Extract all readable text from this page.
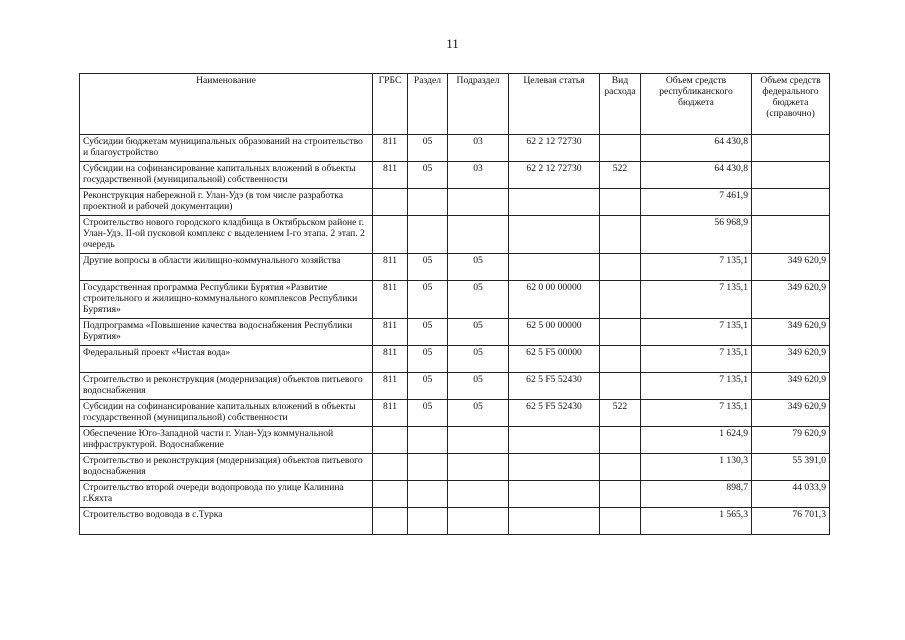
11
Наименование	ГРБС	Раздел	Подраздел	Целевая статья	Вид расхода	Объем средств республиканского бюджета	Объем средств федерального бюджета (справочно)
Субсидии бюджетам муниципальных образований на строительство и благоустройство	811	05	03	62 2 12 72730		64 430,8	
Субсидии на софинансирование капитальных вложений в объекты государственной (муниципальной) собственности	811	05	03	62 2 12 72730	522	64 430,8	
Реконструкция набережной г. Улан-Удэ (в том числе разработка проектной и рабочей документации)						7 461,9	
Строительство нового городского кладбища в Октябрьском районе г. Улан-Удэ. II-ой пусковой комплекс с выделением I-го этапа. 2 этап. 2 очередь						56 968,9	
Другие вопросы в области жилищно-коммунального хозяйства	811	05	05			7 135,1	349 620,9
Государственная программа Республики Бурятия «Развитие строительного и жилищно-коммунального комплексов Республики Бурятия»	811	05	05	62 0 00 00000		7 135,1	349 620,9
Подпрограмма «Повышение качества водоснабжения Республики Бурятия»	811	05	05	62 5 00 00000		7 135,1	349 620,9
Федеральный проект «Чистая вода»	811	05	05	62 5 F5 00000		7 135,1	349 620,9
Строительство и реконструкция (модернизация) объектов питьевого водоснабжения	811	05	05	62 5 F5 52430		7 135,1	349 620,9
Субсидии на софинансирование капитальных вложений в объекты государственной (муниципальной) собственности	811	05	05	62 5 F5 52430	522	7 135,1	349 620,9
Обеспечение Юго-Западной части г. Улан-Удэ коммунальной инфраструктурой. Водоснабжение						1 624,9	79 620,9
Строительство и реконструкция (модернизация) объектов питьевого водоснабжения						1 130,3	55 391,0
Строительство второй очереди водопровода по улице Калинина г.Кяхта						898,7	44 033,9
Строительство водовода в с.Турка						1 565,3	76 701,3
